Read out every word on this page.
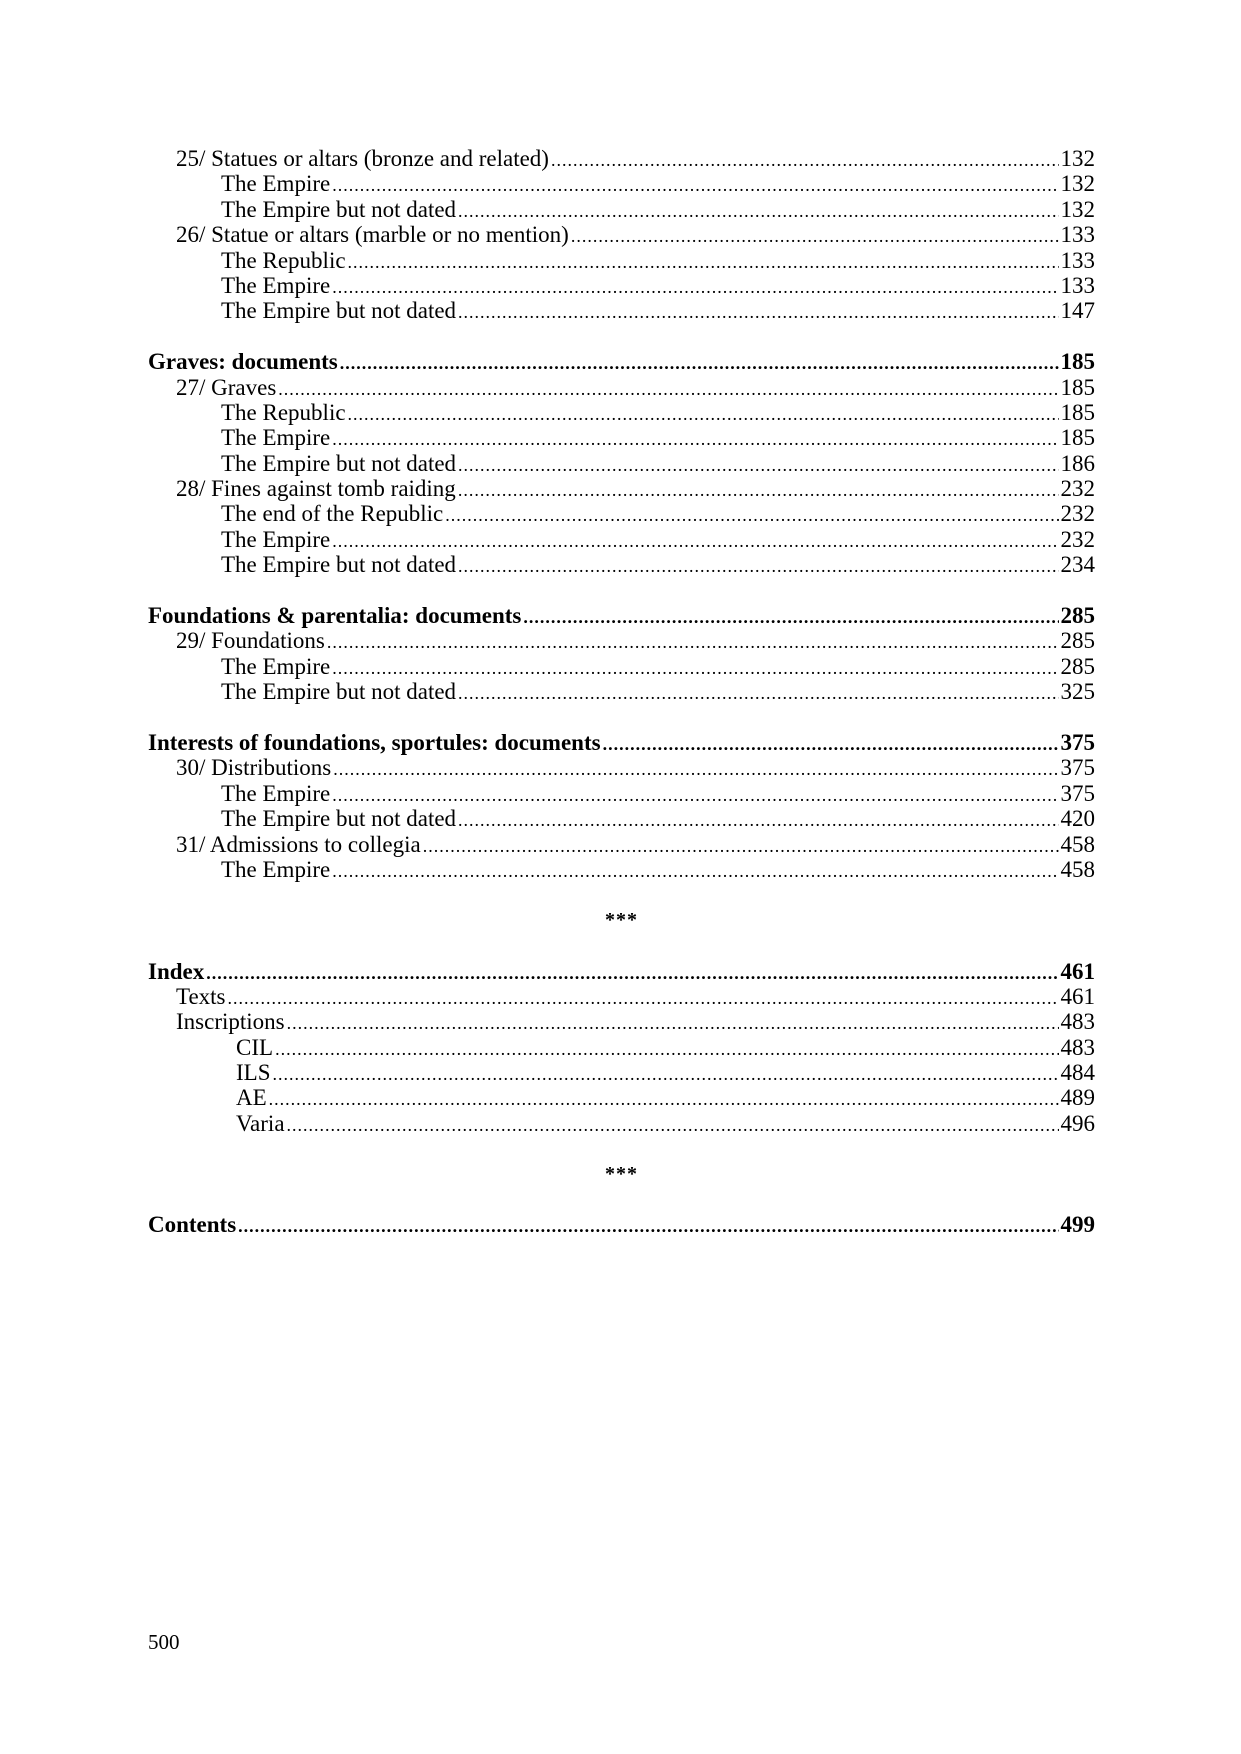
25/ Statues or altars (bronze and related) .....	132
The Empire .....	132
The Empire but not dated .....	132
26/ Statue or altars (marble or no mention) .....	133
The Republic .....	133
The Empire .....	133
The Empire but not dated .....	147
Graves: documents .....	185
27/ Graves .....	185
The Republic .....	185
The Empire .....	185
The Empire but not dated .....	186
28/ Fines against tomb raiding .....	232
The end of the Republic .....	232
The Empire .....	232
The Empire but not dated .....	234
Foundations & parentalia: documents .....	285
29/ Foundations .....	285
The Empire .....	285
The Empire but not dated .....	325
Interests of foundations, sportules: documents .....	375
30/ Distributions .....	375
The Empire .....	375
The Empire but not dated .....	420
31/ Admissions to collegia .....	458
The Empire .....	458
***
Index .....	461
Texts .....	461
Inscriptions .....	483
CIL .....	483
ILS .....	484
AE .....	489
Varia .....	496
***
Contents .....	499
500
